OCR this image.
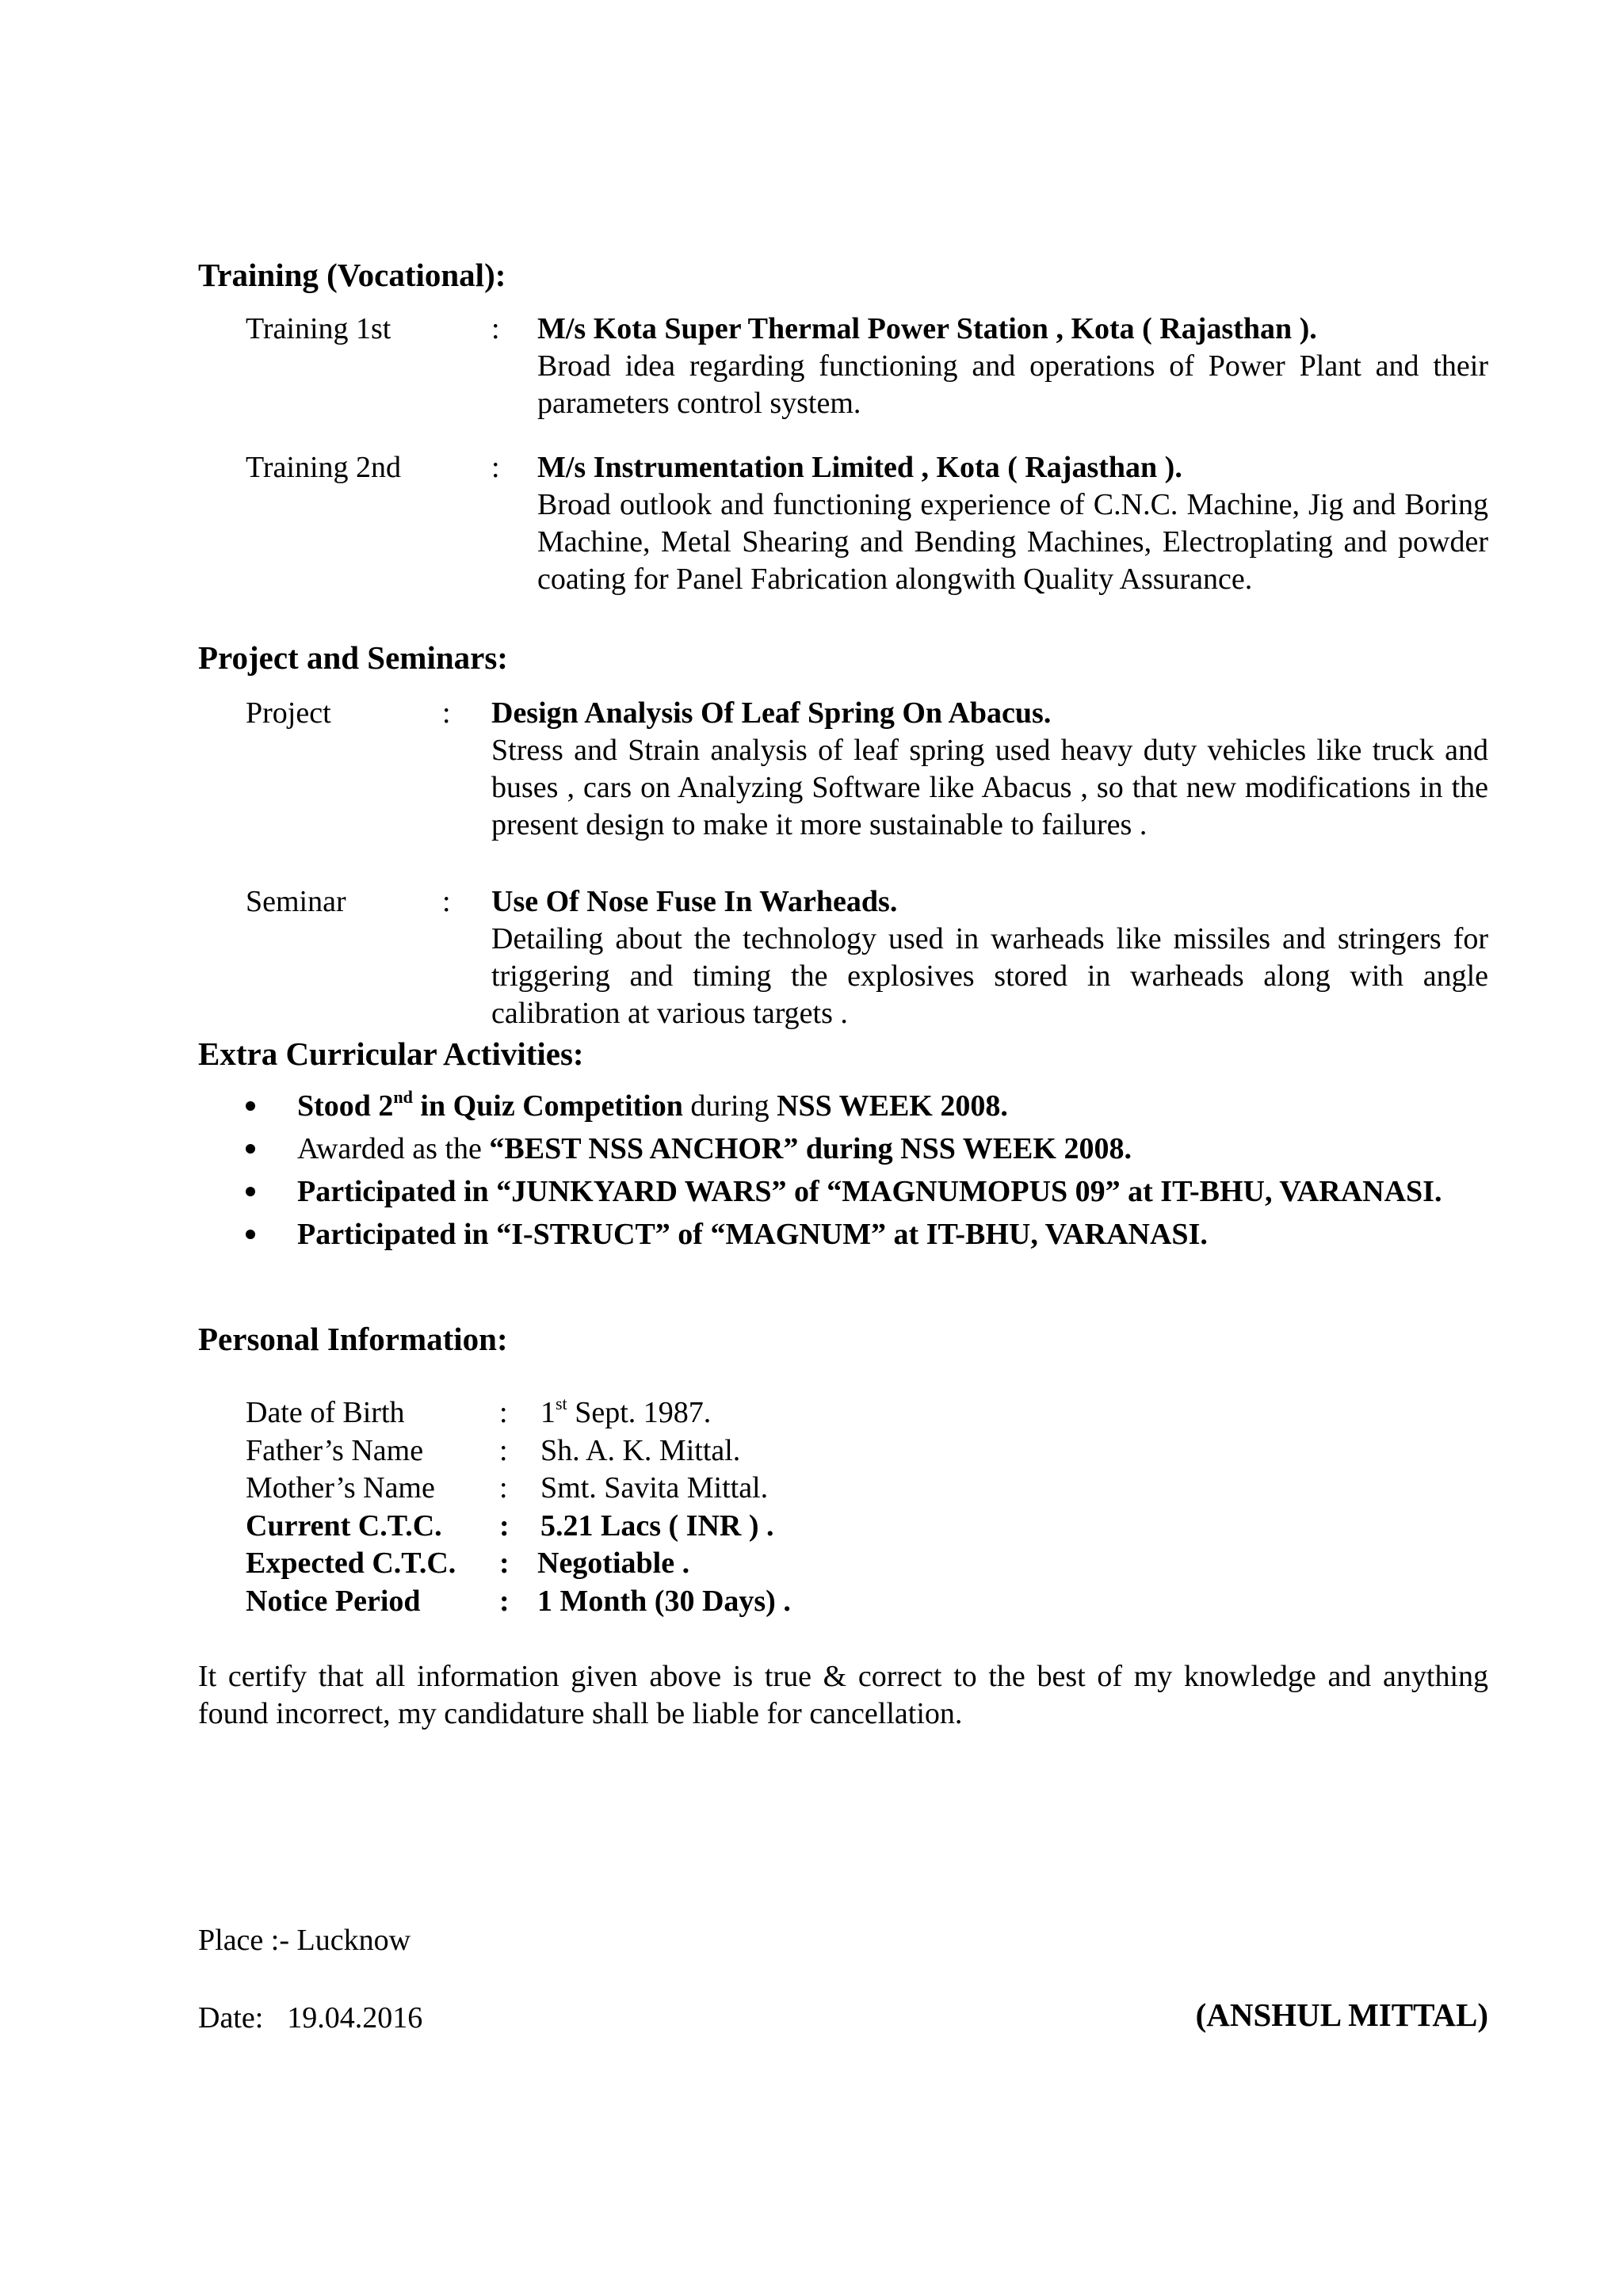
Training (Vocational):
Training 1st	: M/s Kota Super Thermal Power Station , Kota ( Rajasthan ).
Broad idea regarding functioning and operations of Power Plant and their parameters control system.
Training 2nd	: M/s Instrumentation Limited , Kota ( Rajasthan ).
Broad outlook and functioning experience of C.N.C. Machine, Jig and Boring Machine, Metal Shearing and Bending Machines, Electroplating and powder coating for Panel Fabrication alongwith Quality Assurance.
Project and Seminars:
Project	: Design Analysis Of Leaf Spring On Abacus.
Stress and Strain analysis of leaf spring used heavy duty vehicles like truck and buses , cars on Analyzing Software like Abacus , so that new modifications in the present design to make it more sustainable to failures .
Seminar	: Use Of Nose Fuse In Warheads.
Detailing about the technology used in warheads like missiles and stringers for triggering and timing the explosives stored in warheads along with angle calibration at various targets .
Extra Curricular Activities:
Stood 2nd in Quiz Competition during NSS WEEK 2008.
Awarded as the “BEST NSS ANCHOR” during NSS WEEK 2008.
Participated in “JUNKYARD WARS” of “MAGNUMOPUS 09” at IT-BHU, VARANASI.
Participated in “I-STRUCT” of “MAGNUM” at IT-BHU, VARANASI.
Personal Information:
Date of Birth	: 1st Sept. 1987.
Father’s Name	: Sh. A. K. Mittal.
Mother’s Name : Smt. Savita Mittal.
Current C.T.C. : 5.21 Lacs ( INR ) .
Expected C.T.C. : Negotiable .
Notice Period	: 1 Month (30 Days) .
It certify that all information given above is true & correct to the best of my knowledge and anything found incorrect, my candidature shall be liable for cancellation.
Place :- Lucknow
Date: 19.04.2016	(ANSHUL MITTAL)
